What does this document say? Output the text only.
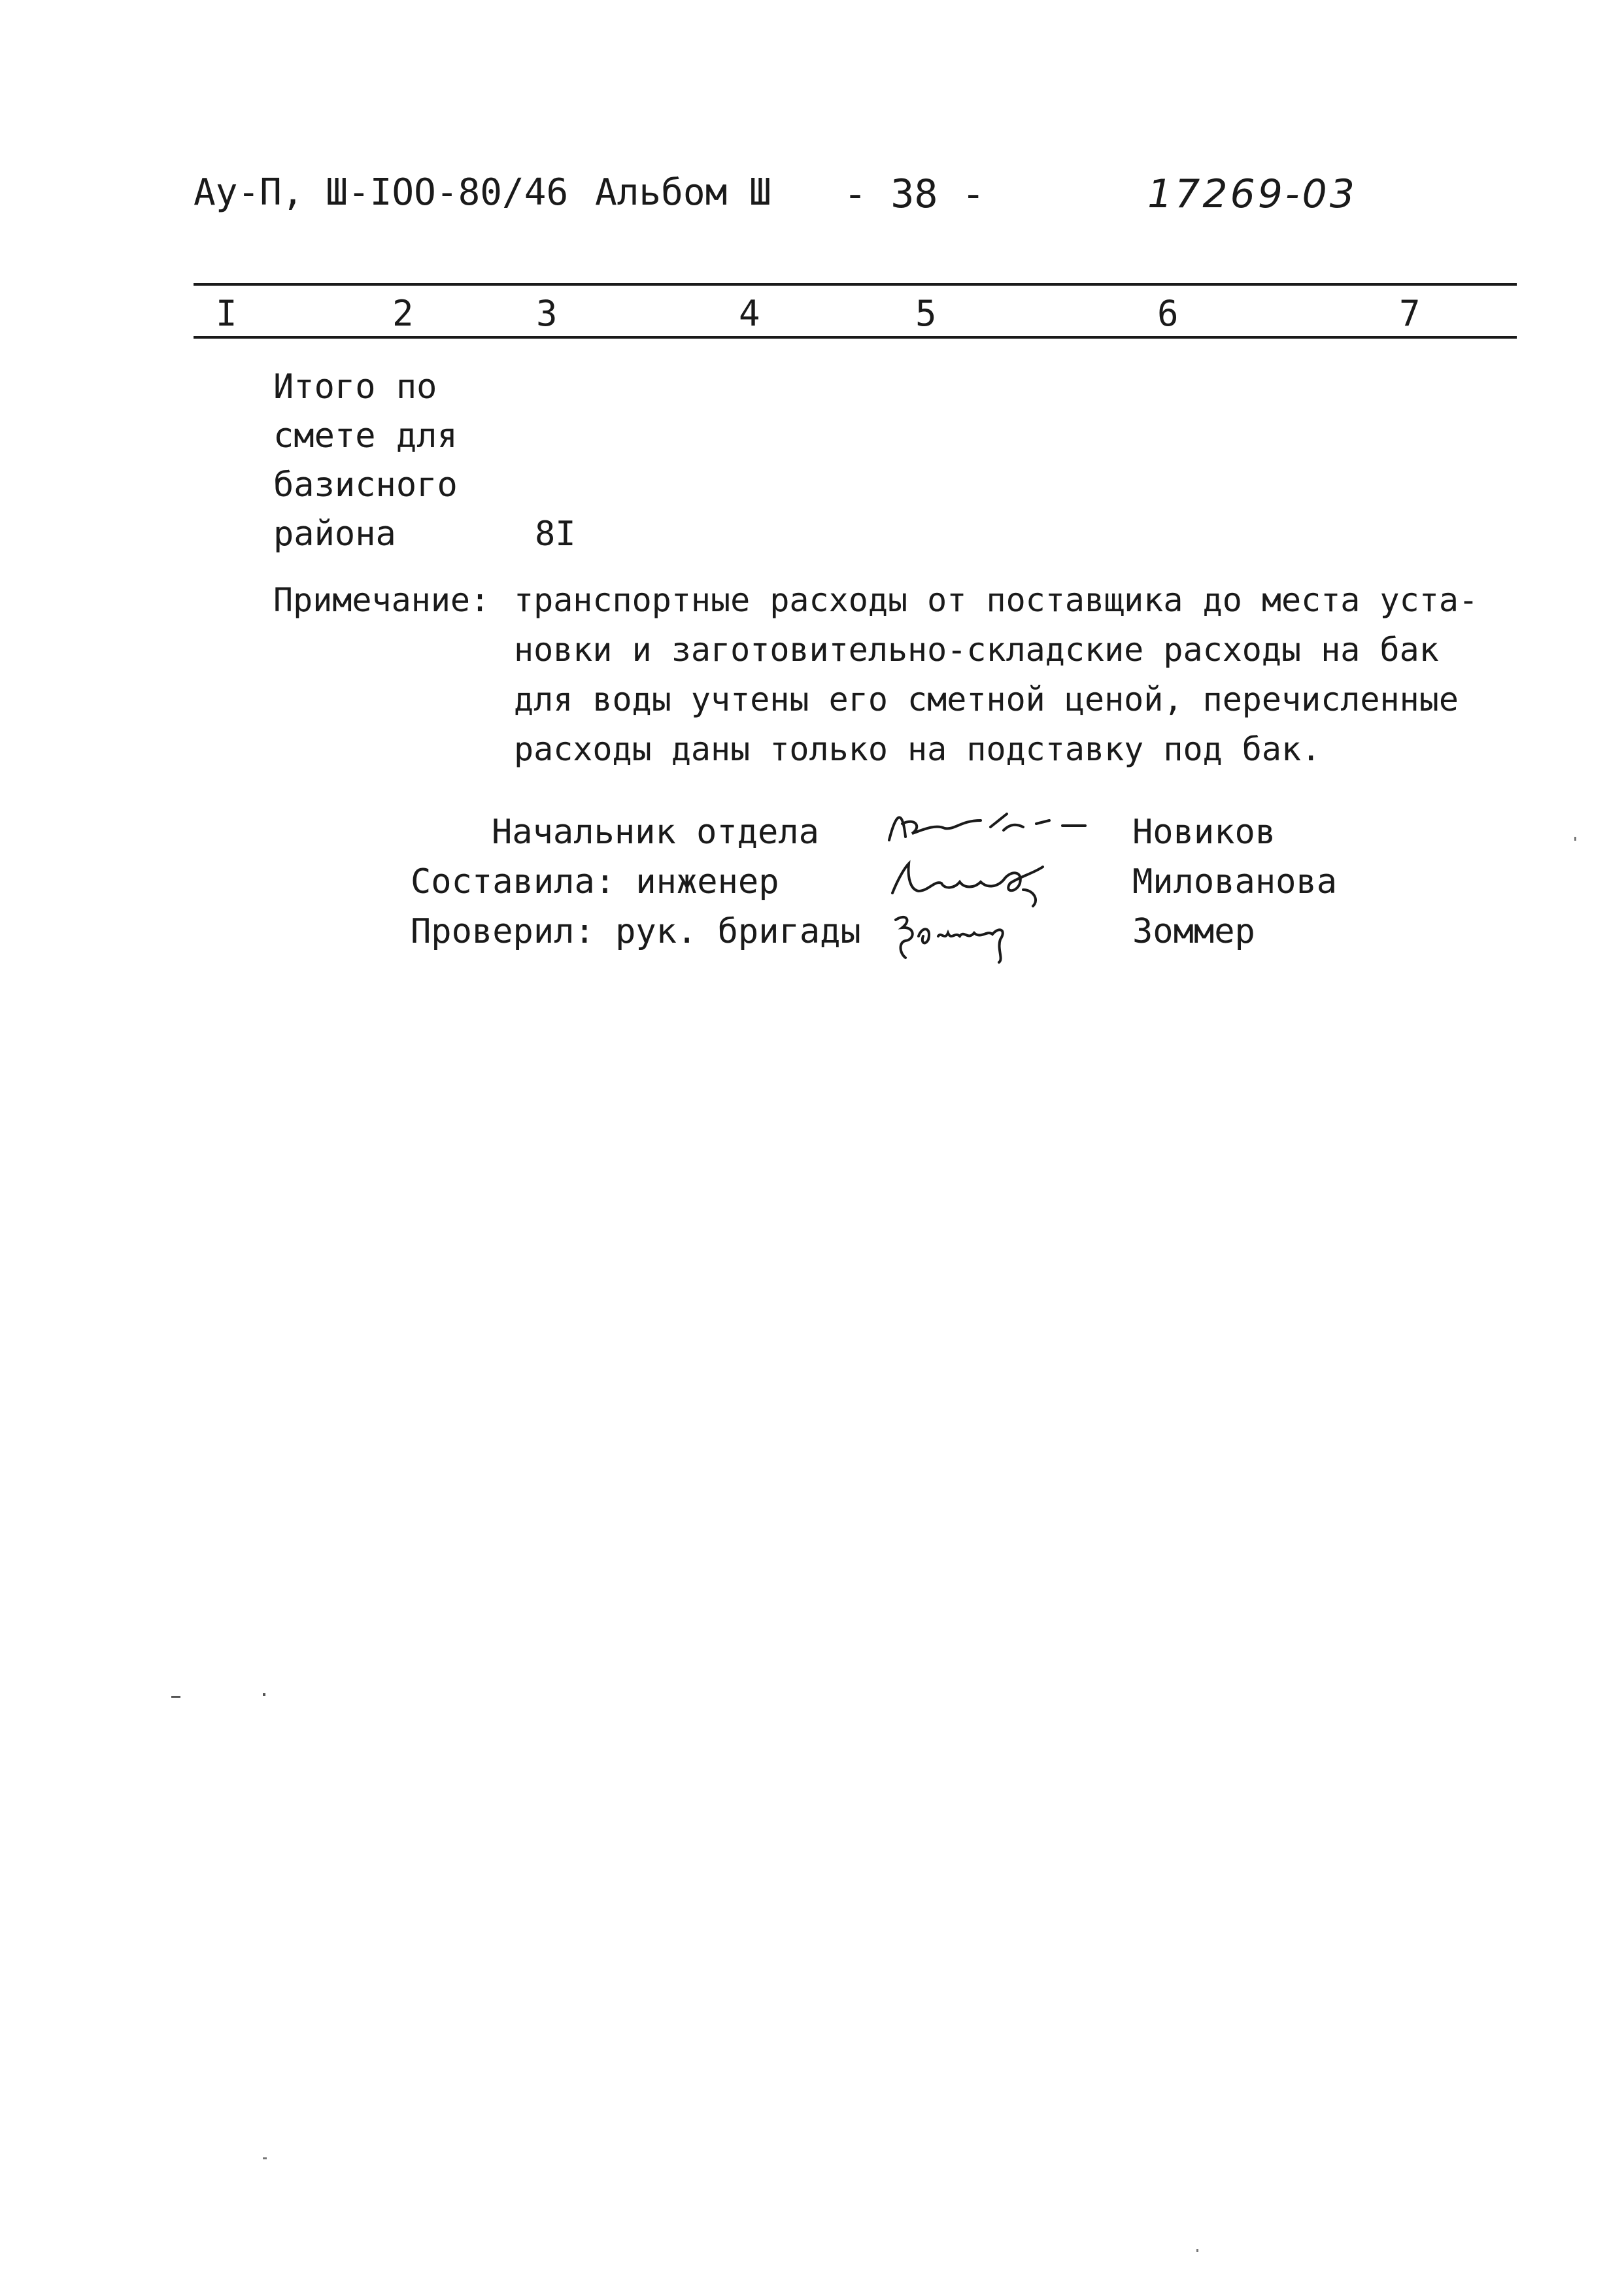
Ау-П, Ш-IOO-80/46 Альбом Ш - 38 -	17269-03
I	2	3	4	5	6	7
Итого по
смете для
базисного
района	8I
Примечание: транспортные расходы от поставщика до места уста-
новки и заготовительно-складские расходы на бак
для воды учтены его сметной ценой, перечисленные
расходы даны только на подставку под бак.
Начальник отдела	Новиков
Составила: инженер	Милованова
Проверил: рук. бригады	Зоммер
